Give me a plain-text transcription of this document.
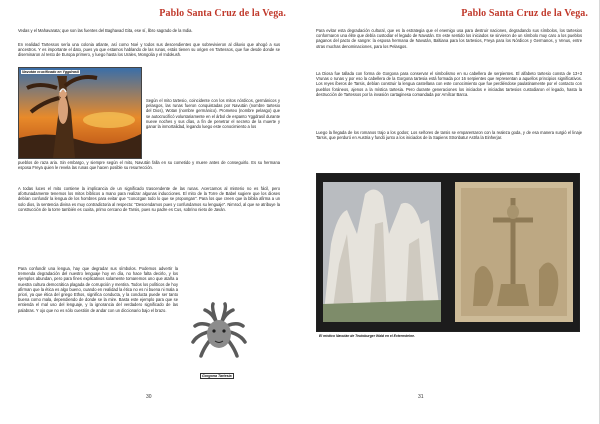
Pablo Santa Cruz de la Vega.

Vedas y el Mahavarata; que son las fuentes del Baghavad Gita, ese sí, libro sagrado de la India.

En realidad Tartessos sería una colonia atlante, así como Noé y todos sus descendientes que sobrevivieron al diluvio que ahogó a sus ancestros. Y es importante el dato, pues ya que estamos hablando de las runas, estás tienen su origen en Tartessos, que fue desde donde se diseminaron al resto de Europa primero, y luego hasta los Urales, Mongolia y el Indokush.

Navután crucificado en Yggdrasil

Según el mito tartesio, coincidente con los mitos nórdicos, germánicos y pelasgos, las runas fueron conquistadas por Navután (nombre tartesio del Dios), Wotan (nombre germánico). Prometeo (nombre pelasgo) que se autocrucificó voluntariamente en el árbol de espanto Yggdrasil durante nueve noches y sus días, a fin de penetrar el secreto de la muerte y ganar la inmortalidad, legando luego este conocimiento a los

pueblos de raza aria. Sin embargo, y siempre según el mito, Navután falla en su cometido y muere antes de conseguirlo. Es su hermana esposa Freya quien le revela las runas que hacen posible su resurrección.

A todas luces el mito contiene la implicancia de un significado trascendente de las runas. Acercamos al misterio no es fácil, pero afortunadamente tenemos los mitos bíblicos a mano para realizar algunas inducciones. El mito de la Torre de Babel sugiere que los dioses debían confundir la lengua de los hombres para evitar que "conozgan todo lo que se propongan". Para los que creen que la biblia afirma a un solo dios, la sentencia divina es muy contradictoria al respecto: "Descendamos pues y confundamos su lenguaje". Nimrod, al que se atribuye la construcción de la torre también es cuxita, primo cercano de Tarsis, pues su padre es Cus, sobrino nieto de Javán.

Para confundir una lengua, hay que degradar sus símbolos. Podemos advertir la tremenda degradación del nuestro lenguaje hoy en día, no hace falta decirlo, y los ejemplos abundan, pero para fines explicativos solamente tomaremos uno que ataña a nuestra cultura democrática plagada de corrupción y mentira. Todos los políticos de hoy afirman que la ética es algo bueno, cuando en realidad la ética no es ni buena ni mala a priori, ya que ética del griego Ethos, significa conducta, y la conducta puede ser tanto buena como mala, dependiendo de donde se la mire. Basta este ejemplo para que se entienda el mal uso del lenguaje, y la ignorancia del verdadero significado de las palabras. Y ojo que no es sólo cuestión de andar con un diccionario bajo el brazo.

Gorgona Tartesia
30
Pablo Santa Cruz de la Vega.

Para evitar esta degradación cultural, que es la estrategia que el enemigo usa para destruir naciones, degradando sus símbolos, los tartesios conformaron una élite que debía custodiar el legado de Navután. En este sentido los iniciados se sirvieron de un símbolo muy caro a los pueblos paganos del pacto de sangre: la esposa hermana de Navután, Baltiana para los tartesios, Freya para los Nórdicos y Germanos, y Venus, entre otras muchas denominaciones, para los Pelasgos.

La Diosa fue tallada con forma de Gorgona para conservar el simbolismo en su cabellera de serpientes. El alfabeto tartesio consta de 13+3 Vrunas o runas y por eso la cabellera de la Gorgona tartesia está formada por 16 serpientes que representan a aquellos principios significativos. Los reyes íberos de Tarsis, debían construir la lengua castellana con este conocimiento que fue perdiéndose paulatinamente por el contacto con pueblos foráneos, ajenos a la mística tartesia. Pero durante generaciones los iniciados e iniciadas tartesios custodiaron el legado, hasta la destrucción de Tartessos por la invasión cartaginesa comandada por Amílcar Barca.

Luego la llegada de los romanos trajo a los godos; Los señores de tarsis se emparentaron con la realeza goda, y de esa manera surgió el linaje Tarsis, que perduró en Austria y fundó junto a los iniciados de la Sapiens Stronbatur Astrla la Einherjar.

El místico Navután de Teutoburger Wald en el Externsteine.
31
